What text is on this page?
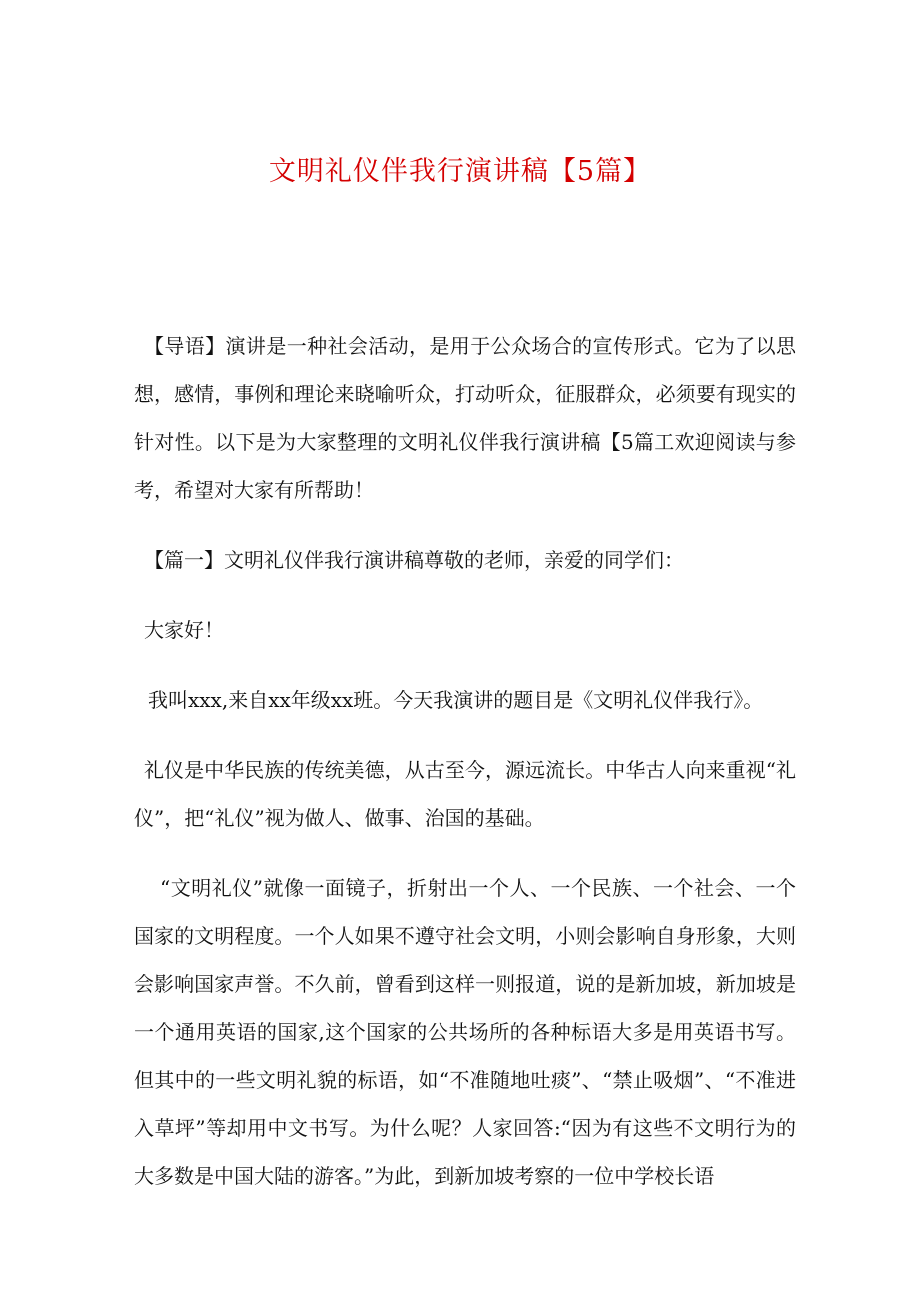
文明礼仪伴我行演讲稿【5篇】

【导语】演讲是一种社会活动，是用于公众场合的宣传形式。它为了以思想，感情，事例和理论来晓喻听众，打动听众，征服群众，必须要有现实的针对性。以下是为大家整理的文明礼仪伴我行演讲稿【5篇工欢迎阅读与参考，希望对大家有所帮助！

【篇一】文明礼仪伴我行演讲稿尊敬的老师，亲爱的同学们：

大家好！

我叫xxx,来自xx年级xx班。今天我演讲的题目是《文明礼仪伴我行》。

礼仪是中华民族的传统美德，从古至今，源远流长。中华古人向来重视“礼仪”，把“礼仪”视为做人、做事、治国的基础。

“文明礼仪”就像一面镜子，折射出一个人、一个民族、一个社会、一个国家的文明程度。一个人如果不遵守社会文明，小则会影响自身形象，大则会影响国家声誉。不久前，曾看到这样一则报道，说的是新加坡，新加坡是一个通用英语的国家,这个国家的公共场所的各种标语大多是用英语书写。但其中的一些文明礼貌的标语，如“不准随地吐痰”、“禁止吸烟”、“不准进入草坪”等却用中文书写。为什么呢？人家回答:“因为有这些不文明行为的大多数是中国大陆的游客。”为此，到新加坡考察的一位中学校长语
